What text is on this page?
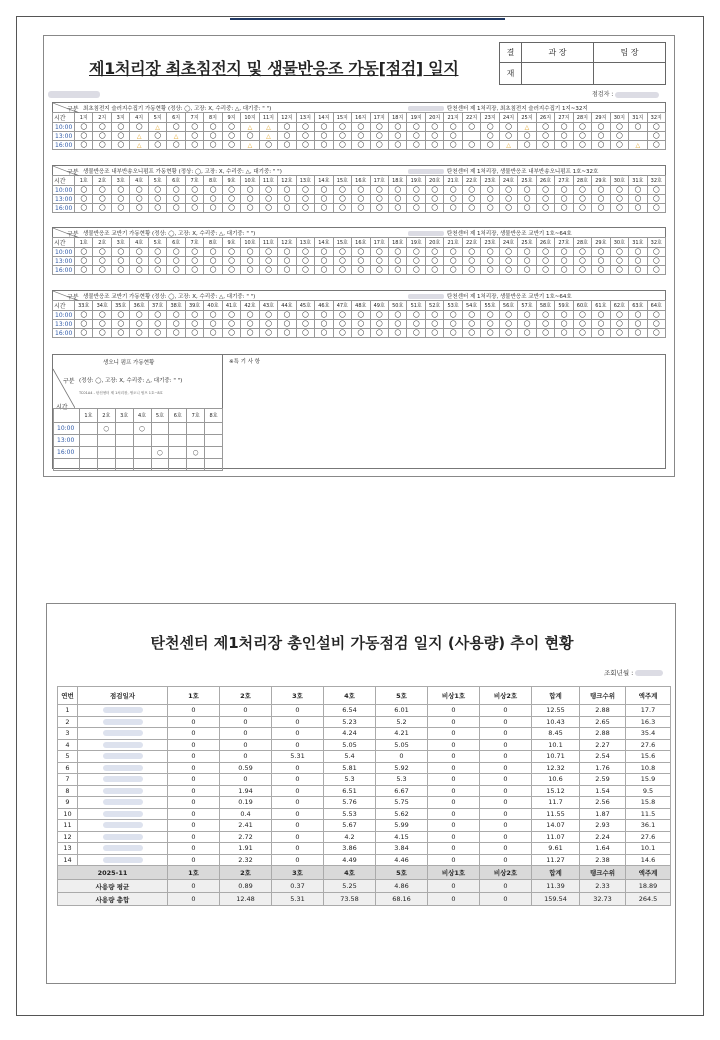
제1처리장 최초침전지 및 생물반응조 가동[점검] 일지
결	과 장	팀 장
재		
점검자 :
구분 최초침전지 슬러지수집기 가동현황 (정상: ◯, 고장: X, 수리중: △, 대기중: " ")	탄천센터 제 1처리장, 최초침전지 슬러지수집기 1지~32지
시간	1지	2지	3지	4지	5지	6지	7지	8지	9지	10지	11지	12지	13지	14지	15지	16지	17지	18지	19지	20지	21지	22지	23지	24지	25지	26지	27지	28지	29지	30지	31지	32지
10:00	◯	◯	◯	◯	△	◯	◯	◯	◯	△	△	◯	◯	◯	◯	◯	◯	◯	◯	◯	◯	◯	◯	◯	△	◯	◯	◯	◯	◯	◯	◯
13:00	◯	◯	◯	△	◯	△	◯	◯	◯	◯	△	◯	◯	◯	◯	◯	◯	◯	◯	◯	◯		◯	◯	◯	◯	◯	◯	◯	◯		◯
16:00	◯	◯	◯	△	◯	◯	◯	◯	◯	△	◯	◯	◯	◯	◯	◯	◯	◯	◯	◯	◯	◯	◯	△	◯	◯	◯	◯	◯	◯	△	◯
구분 생물반응조 내부반송오니펌프 가동현황 (정상: ◯, 고장: X, 수리중: △, 대기중: " ")	탄천센터 제 1처리장, 생물반응조 내부반송오니펌프 1호~32호
시간	1호	2호	3호	4호	5호	6호	7호	8호	9호	10호	11호	12호	13호	14호	15호	16호	17호	18호	19호	20호	21호	22호	23호	24호	25호	26호	27호	28호	29호	30호	31호	32호
10:00	◯	◯	◯	◯	◯	◯	◯	◯	◯	◯	◯	◯	◯	◯	◯	◯	◯	◯	◯	◯	◯	◯	◯	◯	◯	◯	◯	◯	◯	◯	◯	◯
13:00	◯	◯	◯	◯	◯	◯	◯	◯	◯	◯	◯	◯	◯	◯	◯	◯	◯	◯	◯	◯	◯	◯	◯	◯	◯	◯	◯	◯	◯	◯	◯	◯
16:00	◯	◯	◯	◯	◯	◯	◯	◯	◯	◯	◯	◯	◯	◯	◯	◯	◯	◯	◯	◯	◯	◯	◯	◯	◯	◯	◯	◯	◯	◯	◯	◯
구분 생물반응조 교반기 가동현황 (정상: ◯, 고장: X, 수리중: △, 대기중: " ")	탄천센터 제 1처리장, 생물반응조 교반기 1호~64호
시간	1호	2호	3호	4호	5호	6호	7호	8호	9호	10호	11호	12호	13호	14호	15호	16호	17호	18호	19호	20호	21호	22호	23호	24호	25호	26호	27호	28호	29호	30호	31호	32호
10:00	◯	◯	◯	◯	◯	◯	◯	◯	◯	◯	◯	◯	◯	◯	◯	◯	◯	◯	◯	◯	◯	◯	◯	◯	◯	◯	◯	◯	◯	◯	◯	◯
13:00	◯	◯	◯	◯	◯	◯	◯	◯	◯	◯	◯	◯	◯	◯	◯	◯	◯	◯	◯	◯	◯	◯	◯	◯	◯	◯	◯	◯	◯	◯	◯	◯
16:00	◯	◯	◯	◯	◯	◯	◯	◯	◯	◯	◯	◯	◯	◯	◯	◯	◯	◯	◯	◯	◯	◯	◯	◯	◯	◯	◯	◯	◯	◯	◯	◯
구분 생물반응조 교반기 가동현황 (정상: ◯, 고장: X, 수리중: △, 대기중: " ")	탄천센터 제 1처리장, 생물반응조 교반기 1호~64호
시간	33호	34호	35호	36호	37호	38호	39호	40호	41호	42호	43호	44호	45호	46호	47호	48호	49호	50호	51호	52호	53호	54호	55호	56호	57호	58호	59호	60호	61호	62호	63호	64호
10:00	◯	◯	◯	◯	◯	◯	◯	◯	◯	◯	◯	◯	◯	◯	◯	◯	◯	◯	◯	◯	◯	◯	◯	◯	◯	◯	◯	◯	◯	◯	◯	◯
13:00	◯	◯	◯	◯	◯	◯	◯	◯	◯	◯	◯	◯	◯	◯	◯	◯	◯	◯	◯	◯	◯	◯	◯	◯	◯	◯	◯	◯	◯	◯	◯	◯
16:00	◯	◯	◯	◯	◯	◯	◯	◯	◯	◯	◯	◯	◯	◯	◯	◯	◯	◯	◯	◯	◯	◯	◯	◯	◯	◯	◯	◯	◯	◯	◯	◯
생오니 펌프 가동현황
구분 (정상: ◯, 고장: X, 수리중: △, 대기중: " ")
TC01A4 - 탄천센터 제 1처리장, 생오니 펌프 1호~8호
시간
	1호	2호	3호	4호	5호	6호	7호	8호
10:00		◯		◯				
13:00								
16:00					◯		◯	

※특 기 사 항
탄천센터 제1처리장 총인설비 가동점검 일지 (사용량) 추이 현황
조회년월 :
연번	점검일자	1호	2호	3호	4호	5호	비상1호	비상2호	합계	탱크수위	액주계
1		0	0	0	6.54	6.01	0	0	12.55	2.88	17.7
2		0	0	0	5.23	5.2	0	0	10.43	2.65	16.3
3		0	0	0	4.24	4.21	0	0	8.45	2.88	35.4
4		0	0	0	5.05	5.05	0	0	10.1	2.27	27.6
5		0	0	5.31	5.4	0	0	0	10.71	2.54	15.6
6		0	0.59	0	5.81	5.92	0	0	12.32	1.76	10.8
7		0	0	0	5.3	5.3	0	0	10.6	2.59	15.9
8		0	1.94	0	6.51	6.67	0	0	15.12	1.54	9.5
9		0	0.19	0	5.76	5.75	0	0	11.7	2.56	15.8
10		0	0.4	0	5.53	5.62	0	0	11.55	1.87	11.5
11		0	2.41	0	5.67	5.99	0	0	14.07	2.93	36.1
12		0	2.72	0	4.2	4.15	0	0	11.07	2.24	27.6
13		0	1.91	0	3.86	3.84	0	0	9.61	1.64	10.1
14		0	2.32	0	4.49	4.46	0	0	11.27	2.38	14.6
2025-11		1호	2호	3호	4호	5호	비상1호	비상2호	합계	탱크수위	액주계
사용량 평균		0	0.89	0.37	5.25	4.86	0	0	11.39	2.33	18.89
사용량 총합		0	12.48	5.31	73.58	68.16	0	0	159.54	32.73	264.5
